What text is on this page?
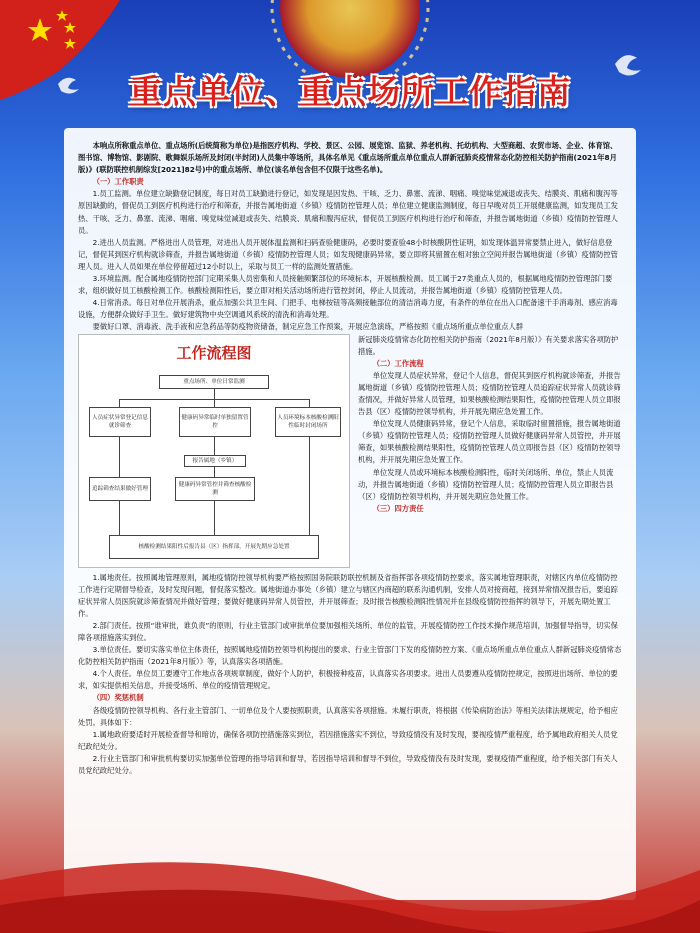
重点单位、重点场所工作指南

本响点所称重点单位、重点场所(后统简称为单位)是指医疗机构、学校、景区、公园、展览馆、监狱、养老机构、托幼机构、大型商超、农贸市场、企业、体育馆、图书馆、博物馆、影剧院、歌舞娱乐场所及封闭(半封闭)人员集中等场所，具体名单见《重点场所重点单位重点人群新冠肺炎疫情常态化防控相关防护指南(2021年8月版)》(联防联控机制综发[2021]82号)中的重点场所、单位(该名单包含但不仅限于这些名单)。

（一）工作职责

1.员工监测。单位建立缺勤登记制度，每日对员工缺勤进行登记，如发现是因发热、干咳、乏力、鼻塞、流涕、咽痛、嗅觉味觉减退或丧失、结膜炎、肌痛和腹泻等原因缺勤的，督促员工到医疗机构进行治疗和筛查，并报告属地街道（乡镇）疫情防控管理人员；单位建立健康监测制度，每日早晚对员工开展健康监测，如发现员工发热、干咳、乏力、鼻塞、流涕、咽痛、嗅觉味觉减退或丧失、结膜炎、肌痛和腹泻症状，督促员工到医疗机构进行治疗和筛查，并报告属地街道（乡镇）疫情防控管理人员。

2.进出人员监测。严格进出人员管理，对进出人员开展体温监测和扫码查验健康码，必要时要查验48小时核酸阴性证明，如发现体温异常要禁止进入，做好信息登记，督促其到医疗机构就诊筛查，并报告属地街道（乡镇）疫情防控管理人员；如发现健康码异常，要立即将其留置在相对独立空间并报告属地街道（乡镇）疫情防控管理人员。进入人员如果在单位停留超过12小时以上，采取与员工一样的监测处置措施。

3.环境监测。配合属地疫情防控部门定期采集人员密集和人员接触频繁部位的环境标本，开展核酸检测。员工属于27类重点人员的，根据属地疫情防控管理部门要求，组织做好员工核酸检测工作。核酸检测阳性后，要立即对相关活动场所进行管控封闭，停止人员流动，并报告属地街道（乡镇）疫情防控管理人员。

4.日常消杀。每日对单位开展消杀，重点加强公共卫生间、门把手、电梯按钮等高频接触部位的清洁消毒力度，有条件的单位在出入口配备速干手消毒剂、感应消毒设施，方便群众做好手卫生。做好建筑物中央空调通风系统的清洗和消毒处理。

要做好口罩、消毒液、洗手液和应急药品等防疫物资储备，制定应急工作预案，开展应急演练，严格按照《重点场所重点单位重点人群

工作流程图
重点场所、单位日常监测
人员症状异常登记信息就诊筛查
健康码异常临时单独留置管控
人员环境标本核酸检测阳性临时封闭场所
报告属地（乡镇）
追踪筛查结果做好管理
健康码异常管控并筛查核酸检测
核酸检测结果阳性后报告县（区）指挥部，开展先期应急处置

新冠肺炎疫情常态化防控相关防护指南（2021年8月版）》有关要求落实各项防护措施。

（二）工作流程

单位发现人员症状异常，登记个人信息，督促其到医疗机构就诊筛查，并报告属地街道（乡镇）疫情防控管理人员；疫情防控管理人员追踪症状异常人员就诊筛查情况，并做好异常人员管理，如果核酸检测结果阳性，疫情防控管理人员立即报告县（区）疫情防控领导机构，并开展先期应急处置工作。

单位发现人员健康码异常，登记个人信息，采取临时留置措施，报告属地街道（乡镇）疫情防控管理人员；疫情防控管理人员做好健康码异常人员管控，并开展筛查，如果核酸检测结果阳性，疫情防控管理人员立即报告县（区）疫情防控领导机构，并开展先期应急处置工作。

单位发现人员或环境标本核酸检测阳性，临时关闭场所、单位，禁止人员流动，并报告属地街道（乡镇）疫情防控管理人员；疫情防控管理人员立即报告县（区）疫情防控领导机构，并开展先期应急处置工作。

（三）四方责任

1.属地责任。按照属地管理原则，属地疫情防控领导机构要严格按照国务院联防联控机制及省指挥部各项疫情防控要求，落实属地管理职责，对辖区内单位疫情防控工作进行定期督导检查，及时发现问题，督促落实整改。属地街道办事处（乡镇）建立与辖区内商超的联系沟通机制，安排人员对接商超，接到异常情况报告后，要追踪症状异常人员医院就诊筛查情况并做好管理；要做好健康码异常人员管控，并开展筛查；及时报告核酸检测阳性情况并在县级疫情防控指挥的领导下，开展先期处置工作。

2.部门责任。按照“谁审批，谁负责”的原则，行业主管部门或审批单位要加强相关场所、单位的监管，开展疫情防控工作技术操作规范培训，加强督导指导，切实保障各项措施落实到位。

3.单位责任。要切实落实单位主体责任，按照属地疫情防控领导机构提出的要求、行业主管部门下发的疫情防控方案、《重点场所重点单位重点人群新冠肺炎疫情常态化防控相关防护指南（2021年8月版）》等，认真落实各项措施。

4.个人责任。单位员工要遵守工作地点各项规章制度，做好个人防护，积极接种疫苗，认真落实各项要求。进出人员要遵从疫情防控规定，按照进出场所、单位的要求，如实提供相关信息，并接受场所、单位的疫情管理规定。

（四）奖惩机制

各级疫情防控领导机构、各行业主管部门、一切单位及个人要按照职责，认真落实各项措施。未履行职责，将根据《传染病防治法》等相关法律法规规定，给予相应处罚。具体如下：

1.属地政府要适时开展检查督导和暗访，确保各项防控措施落实到位，若因措施落实不到位，导致疫情没有及时发现，要视疫情严重程度，给予属地政府相关人员党纪政纪处分。

2.行业主管部门和审批机构要切实加强单位管理的指导培训和督导，若因指导培训和督导不到位，导致疫情没有及时发现，要视疫情严重程度，给予相关部门有关人员党纪政纪处分。
